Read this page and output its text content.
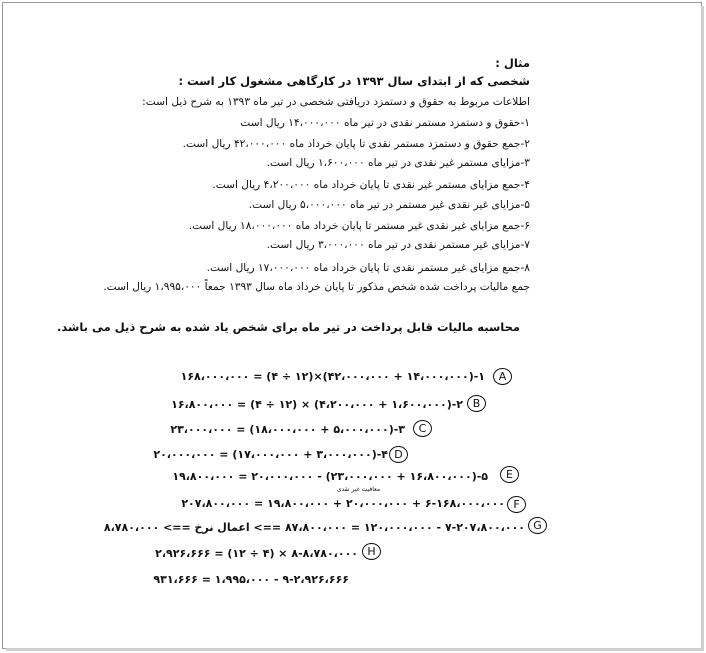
مثال :
شخصی که از ابتدای سال ۱۳۹۳ در کارگاهی مشغول کار است :
اطلاعات مربوط به حقوق و دستمزد دریافتی شخصی در تیر ماه ۱۳۹۳ به شرح ذیل است:
۱-حقوق و دستمزد مستمر نقدی در تیر ماه ۱۴،۰۰۰،۰۰۰ ریال است
۲-جمع حقوق و دستمزد مستمر نقدی تا پایان خرداد ماه ۴۲،۰۰۰،۰۰۰ ریال است.
۳-مزایای مستمر غیر نقدی در تیر ماه ۱،۶۰۰،۰۰۰ ریال است.
۴-جمع مزایای مستمر غیر نقدی تا پایان خرداد ماه ۴،۲۰۰،۰۰۰ ریال است.
۵-مزایای غیر نقدی غیر مستمر در تیر ماه ۵،۰۰۰،۰۰۰ ریال است.
۶-جمع مزایای غیر نقدی غیر مستمر تا پایان خرداد ماه ۱۸،۰۰۰،۰۰۰ ریال است.
۷-مزایای غیر مستمر نقدی در تیر ماه ۳،۰۰۰،۰۰۰ ریال است.
۸-جمع مزایای غیر مستمر نقدی تا پایان خرداد ماه ۱۷،۰۰۰،۰۰۰ ریال است.
جمع مالیات پرداخت شده شخص مذکور تا پایان خرداد ماه سال ۱۳۹۳ جمعاً ۱،۹۹۵،۰۰۰ ریال است.
محاسبه مالیات قابل پرداخت در تیر ماه برای شخص یاد شده به شرح ذیل می باشد.
۱-(۱۴،۰۰۰،۰۰۰ + ۴۲،۰۰۰،۰۰۰)×(۱۲ ÷ ۴) = ۱۶۸،۰۰۰،۰۰۰	A
۲-(۱،۶۰۰،۰۰۰ + ۴،۲۰۰،۰۰۰) × (۱۲ ÷ ۴) = ۱۶،۸۰۰،۰۰۰ B
۳-(۵،۰۰۰،۰۰۰ + ۱۸،۰۰۰،۰۰۰) = ۲۳،۰۰۰،۰۰۰	C
۴-(۳،۰۰۰،۰۰۰ + ۱۷،۰۰۰،۰۰۰) = ۲۰،۰۰۰،۰۰۰ D
۵-(۱۶،۸۰۰،۰۰۰ + ۲۳،۰۰۰،۰۰۰) - ۲۰،۰۰۰،۰۰۰ = ۱۹،۸۰۰،۰۰۰
معافیت غیر نقدی
E
۶-۱۶۸،۰۰۰،۰۰۰ + ۲۰،۰۰۰،۰۰۰ + ۱۹،۸۰۰،۰۰۰ = ۲۰۷،۸۰۰،۰۰۰ F
۷-۲۰۷،۸۰۰،۰۰۰ - ۱۲۰،۰۰۰،۰۰۰ = ۸۷،۸۰۰،۰۰۰ ==> اعمال نرخ ==> ۸،۷۸۰،۰۰۰ G
۸-۸،۷۸۰،۰۰۰ × (۴ ÷ ۱۲) = ۲،۹۲۶،۶۶۶ H
۹-۲،۹۲۶،۶۶۶ - ۱،۹۹۵،۰۰۰ = ۹۳۱،۶۶۶
